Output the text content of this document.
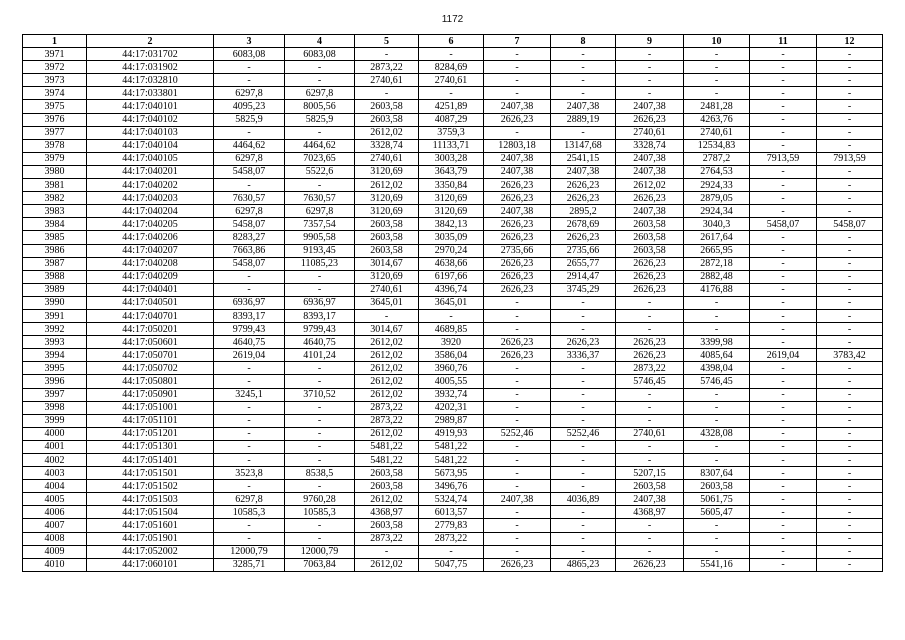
1172
1	2	3	4	5	6	7	8	9	10	11	12
3971	44:17:031702	6083,08	6083,08	-	-	-	-	-	-	-	-
3972	44:17:031902	-	-	2873,22	8284,69	-	-	-	-	-	-
3973	44:17:032810	-	-	2740,61	2740,61	-	-	-	-	-	-
3974	44:17:033801	6297,8	6297,8	-	-	-	-	-	-	-	-
3975	44:17:040101	4095,23	8005,56	2603,58	4251,89	2407,38	2407,38	2407,38	2481,28	-	-
3976	44:17:040102	5825,9	5825,9	2603,58	4087,29	2626,23	2889,19	2626,23	4263,76	-	-
3977	44:17:040103	-	-	2612,02	3759,3	-	-	2740,61	2740,61	-	-
3978	44:17:040104	4464,62	4464,62	3328,74	11133,71	12803,18	13147,68	3328,74	12534,83	-	-
3979	44:17:040105	6297,8	7023,65	2740,61	3003,28	2407,38	2541,15	2407,38	2787,2	7913,59	7913,59
3980	44:17:040201	5458,07	5522,6	3120,69	3643,79	2407,38	2407,38	2407,38	2764,53	-	-
3981	44:17:040202	-	-	2612,02	3350,84	2626,23	2626,23	2612,02	2924,33	-	-
3982	44:17:040203	7630,57	7630,57	3120,69	3120,69	2626,23	2626,23	2626,23	2879,05	-	-
3983	44:17:040204	6297,8	6297,8	3120,69	3120,69	2407,38	2895,2	2407,38	2924,34	-	-
3984	44:17:040205	5458,07	7357,54	2603,58	3842,13	2626,23	2678,69	2603,58	3040,3	5458,07	5458,07
3985	44:17:040206	8283,27	9905,58	2603,58	3035,09	2626,23	2626,23	2603,58	2617,64	-	-
3986	44:17:040207	7663,86	9193,45	2603,58	2970,24	2735,66	2735,66	2603,58	2665,95	-	-
3987	44:17:040208	5458,07	11085,23	3014,67	4638,66	2626,23	2655,77	2626,23	2872,18	-	-
3988	44:17:040209	-	-	3120,69	6197,66	2626,23	2914,47	2626,23	2882,48	-	-
3989	44:17:040401	-	-	2740,61	4396,74	2626,23	3745,29	2626,23	4176,88	-	-
3990	44:17:040501	6936,97	6936,97	3645,01	3645,01	-	-	-	-	-	-
3991	44:17:040701	8393,17	8393,17	-	-	-	-	-	-	-	-
3992	44:17:050201	9799,43	9799,43	3014,67	4689,85	-	-	-	-	-	-
3993	44:17:050601	4640,75	4640,75	2612,02	3920	2626,23	2626,23	2626,23	3399,98	-	-
3994	44:17:050701	2619,04	4101,24	2612,02	3586,04	2626,23	3336,37	2626,23	4085,64	2619,04	3783,42
3995	44:17:050702	-	-	2612,02	3960,76	-	-	2873,22	4398,04	-	-
3996	44:17:050801	-	-	2612,02	4005,55	-	-	5746,45	5746,45	-	-
3997	44:17:050901	3245,1	3710,52	2612,02	3932,74	-	-	-	-	-	-
3998	44:17:051001	-	-	2873,22	4202,31	-	-	-	-	-	-
3999	44:17:051101	-	-	2873,22	2989,87	-	-	-	-	-	-
4000	44:17:051201	-	-	2612,02	4919,93	5252,46	5252,46	2740,61	4328,08	-	-
4001	44:17:051301	-	-	5481,22	5481,22	-	-	-	-	-	-
4002	44:17:051401	-	-	5481,22	5481,22	-	-	-	-	-	-
4003	44:17:051501	3523,8	8538,5	2603,58	5673,95	-	-	5207,15	8307,64	-	-
4004	44:17:051502	-	-	2603,58	3496,76	-	-	2603,58	2603,58	-	-
4005	44:17:051503	6297,8	9760,28	2612,02	5324,74	2407,38	4036,89	2407,38	5061,75	-	-
4006	44:17:051504	10585,3	10585,3	4368,97	6013,57	-	-	4368,97	5605,47	-	-
4007	44:17:051601	-	-	2603,58	2779,83	-	-	-	-	-	-
4008	44:17:051901	-	-	2873,22	2873,22	-	-	-	-	-	-
4009	44:17:052002	12000,79	12000,79	-	-	-	-	-	-	-	-
4010	44:17:060101	3285,71	7063,84	2612,02	5047,75	2626,23	4865,23	2626,23	5541,16	-	-
